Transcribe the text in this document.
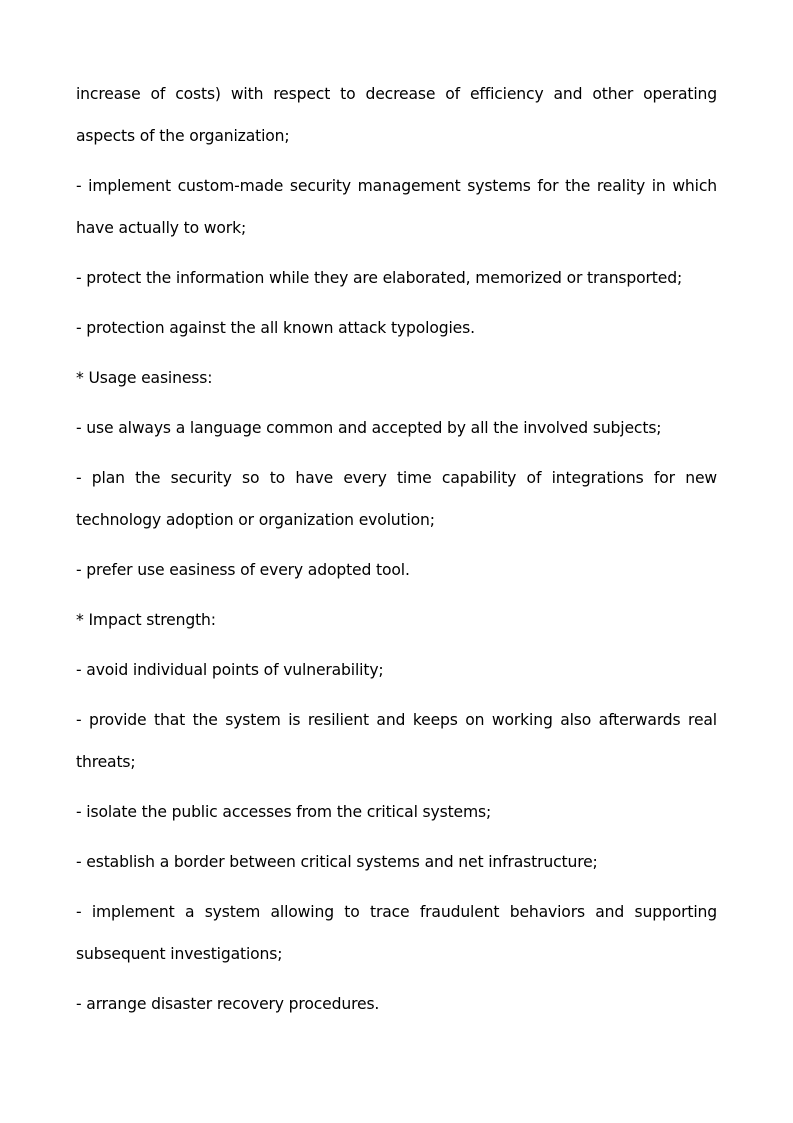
increase of costs) with respect to decrease of efficiency and other operating aspects of the organization;

- implement custom-made security management systems for the reality in which have actually to work;

- protect the information while they are elaborated, memorized or transported;

- protection against the all known attack typologies.

* Usage easiness:

- use always a language common and accepted by all the involved subjects;

- plan the security so to have every time capability of integrations for new technology adoption or organization evolution;

- prefer use easiness of every adopted tool.

* Impact strength:

- avoid individual points of vulnerability;

- provide that the system is resilient and keeps on working also afterwards real threats;

- isolate the public accesses from the critical systems;

- establish a border between critical systems and net infrastructure;

- implement a system allowing to trace fraudulent behaviors and supporting subsequent investigations;

- arrange disaster recovery procedures.
